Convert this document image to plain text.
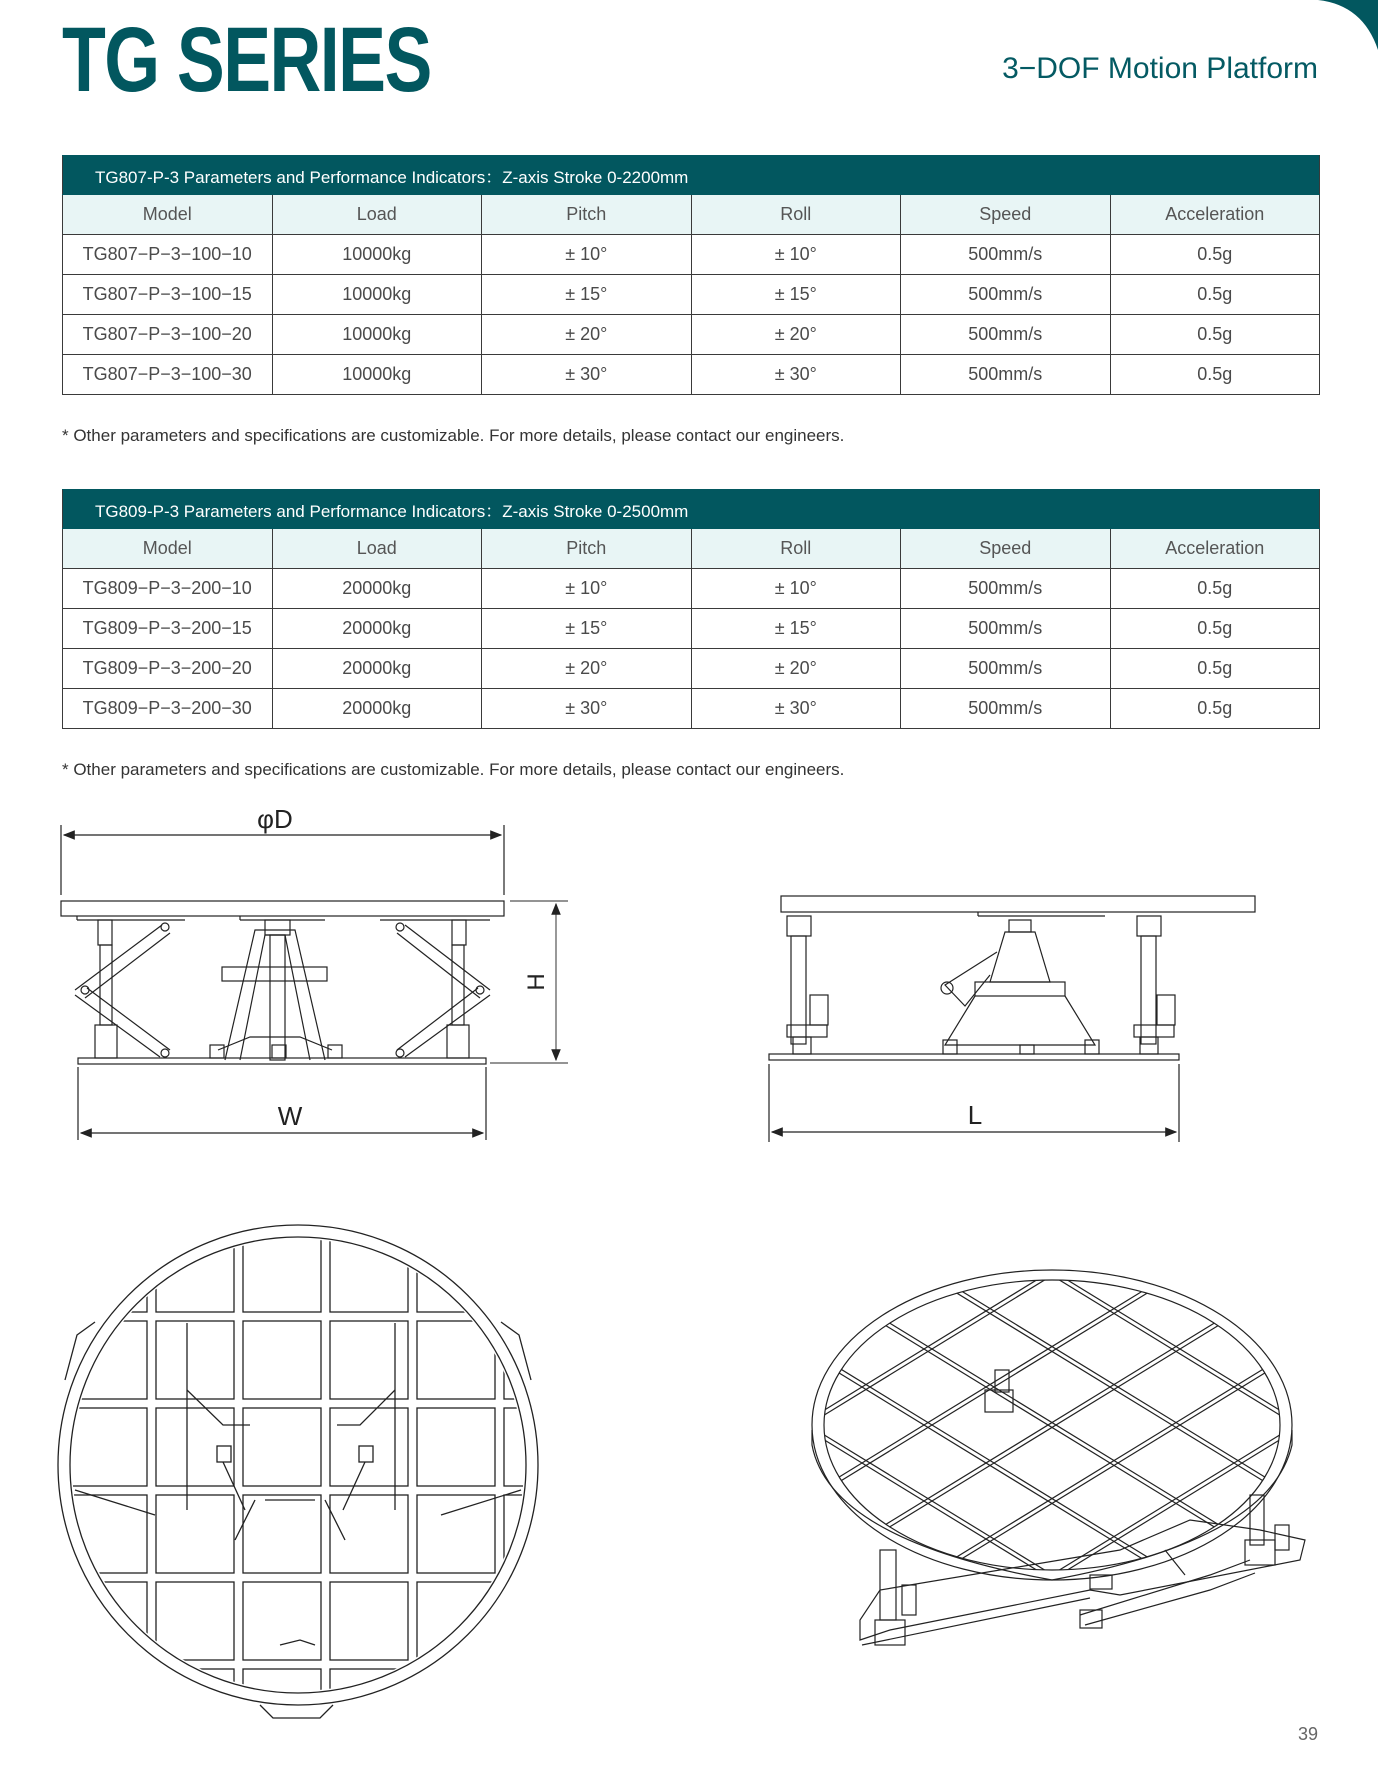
TG SERIES	3−DOF Motion Platform
TG807-P-3 Parameters and Performance Indicators：Z-axis Stroke 0-2200mm					
Model	Load	Pitch	Roll	Speed	Acceleration
TG807−P−3−100−10	10000kg	± 10°	± 10°	500mm/s	0.5g
TG807−P−3−100−15	10000kg	± 15°	± 15°	500mm/s	0.5g
TG807−P−3−100−20	10000kg	± 20°	± 20°	500mm/s	0.5g
TG807−P−3−100−30	10000kg	± 30°	± 30°	500mm/s	0.5g
* Other parameters and specifications are customizable. For more details, please contact our engineers.
TG809-P-3 Parameters and Performance Indicators：Z-axis Stroke 0-2500mm					
Model	Load	Pitch	Roll	Speed	Acceleration
TG809−P−3−200−10	20000kg	± 10°	± 10°	500mm/s	0.5g
TG809−P−3−200−15	20000kg	± 15°	± 15°	500mm/s	0.5g
TG809−P−3−200−20	20000kg	± 20°	± 20°	500mm/s	0.5g
TG809−P−3−200−30	20000kg	± 30°	± 30°	500mm/s	0.5g
* Other parameters and specifications are customizable. For more details, please contact our engineers.
φD
H
W	L
39
